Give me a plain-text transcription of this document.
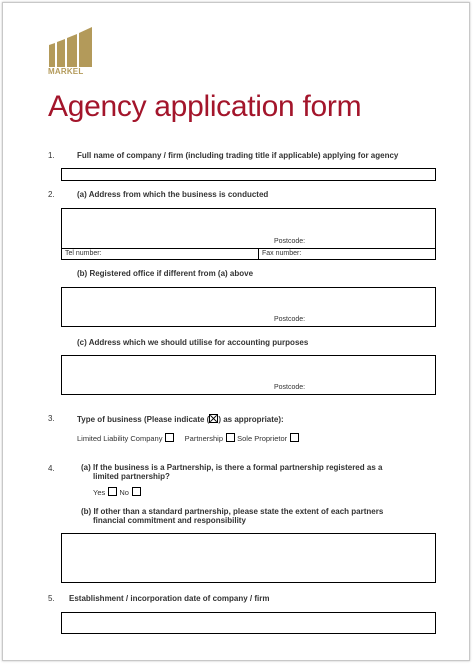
MARKEL
Agency application form
1.	Full name of company / firm (including trading title if applicable) applying for agency
2.	(a) Address from which the business is conducted
Postcode:
Tel number:	Fax number:
(b) Registered office if different from (a) above
Postcode:
(c) Address which we should utilise for accounting purposes
Postcode:
3.	Type of business (Please indicate ( ) as appropriate):
Limited Liability Company	Partnership Sole Proprietor
4.	(a) If the business is a Partnership, is there a formal partnership registered as a
limited partnership?
Yes No
(b) If other than a standard partnership, please state the extent of each partners
financial commitment and responsibility
5. Establishment / incorporation date of company / firm
